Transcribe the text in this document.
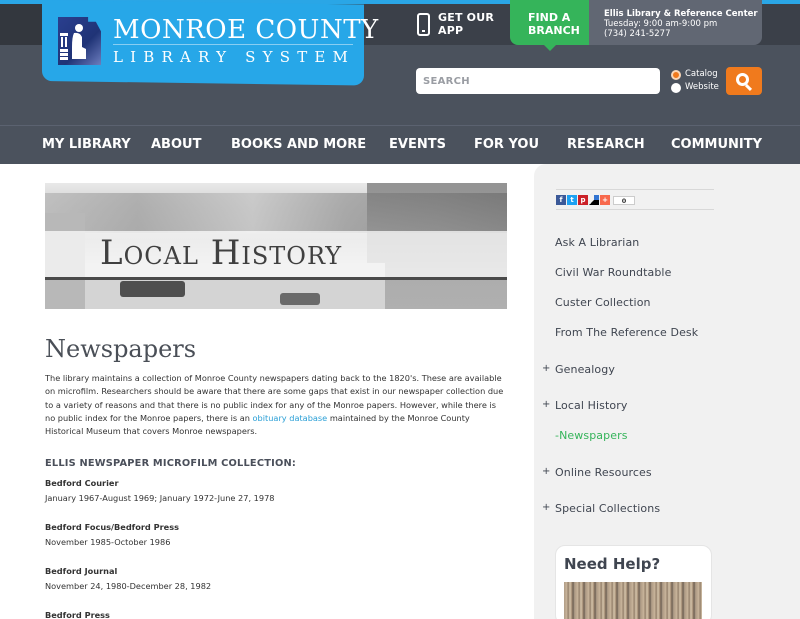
MONROE COUNTY
LIBRARY SYSTEM
GET OUR
APP
FIND A
BRANCH
Ellis Library & Reference Center
Tuesday: 9:00 am-9:00 pm
(734) 241-5277
SEARCH
Catalog
Website
MY LIBRARY ABOUT BOOKS AND MORE EVENTS FOR YOU RESEARCH COMMUNITY
Local History
Newspapers

The library maintains a collection of Monroe County newspapers dating back to the 1820's. These are available on microfilm. Researchers should be aware that there are some gaps that exist in our newspaper collection due to a variety of reasons and that there is no public index for any of the Monroe papers. However, while there is no public index for the Monroe papers, there is an obituary database maintained by the Monroe County Historical Museum that covers Monroe newspapers.

ELLIS NEWSPAPER MICROFILM COLLECTION:
Bedford Courier
January 1967-August 1969; January 1972-June 27, 1978
Bedford Focus/Bedford Press
November 1985-October 1986
Bedford Journal
November 24, 1980-December 28, 1982
Bedford Press
f	t p	+	0
Ask A Librarian
Civil War Roundtable
Custer Collection
From The Reference Desk
+ Genealogy
+ Local History
-Newspapers
+ Online Resources
+ Special Collections
Need Help?
